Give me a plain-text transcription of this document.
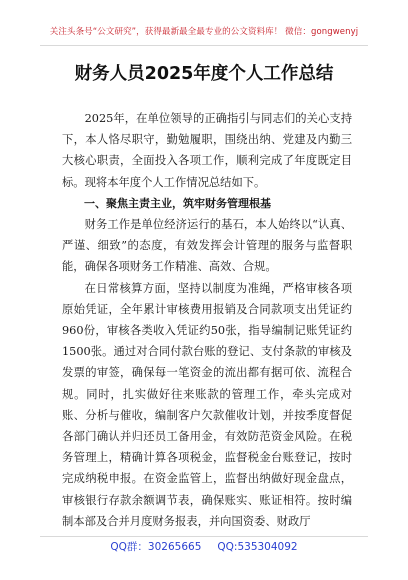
关注头条号“公文研究”，获得最新最全最专业的公文资料库！ 微信：gongwenyj
财务人员2025年度个人工作总结

2025年，在单位领导的正确指引与同志们的关心支持下，本人恪尽职守，勤勉履职，围绕出纳、党建及内勤三大核心职责，全面投入各项工作，顺利完成了年度既定目标。现将本年度个人工作情况总结如下。

一、聚焦主责主业，筑牢财务管理根基

财务工作是单位经济运行的基石，本人始终以“认真、严谨、细致”的态度，有效发挥会计管理的服务与监督职能，确保各项财务工作精准、高效、合规。

在日常核算方面，坚持以制度为准绳，严格审核各项原始凭证，全年累计审核费用报销及合同款项支出凭证约960份，审核各类收入凭证约50张，指导编制记账凭证约1500张。通过对合同付款台账的登记、支付条款的审核及发票的审签，确保每一笔资金的流出都有据可依、流程合规。同时，扎实做好往来账款的管理工作，牵头完成对账、分析与催收，编制客户欠款催收计划，并按季度督促各部门确认并归还员工备用金，有效防范资金风险。在税务管理上，精确计算各项税金，监督税金台账登记，按时完成纳税申报。在资金监管上，监督出纳做好现金盘点，审核银行存款余额调节表，确保账实、账证相符。按时编制本部及合并月度财务报表，并向国资委、财政厅

QQ群：30265665 QQ:535304092
